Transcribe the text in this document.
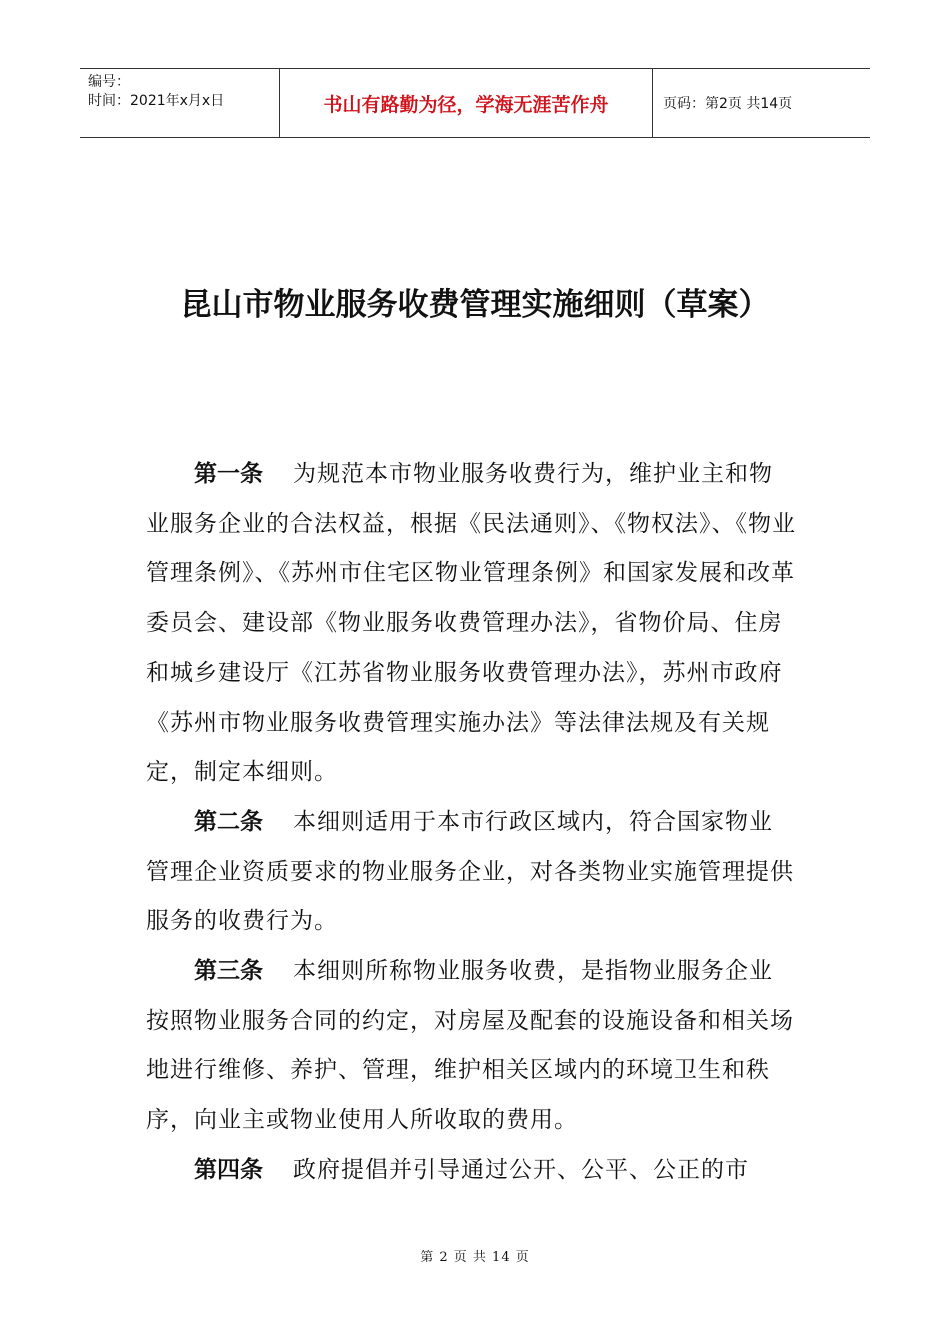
编号：
时间：2021年x月x日	书山有路勤为径，学海无涯苦作舟	页码：第2页 共14页
昆山市物业服务收费管理实施细则（草案）

第一条 为规范本市物业服务收费行为，维护业主和物业服务企业的合法权益，根据《民法通则》、《物权法》、《物业管理条例》、《苏州市住宅区物业管理条例》和国家发展和改革委员会、建设部《物业服务收费管理办法》，省物价局、住房和城乡建设厅《江苏省物业服务收费管理办法》，苏州市政府《苏州市物业服务收费管理实施办法》等法律法规及有关规定，制定本细则。

第二条 本细则适用于本市行政区域内，符合国家物业管理企业资质要求的物业服务企业，对各类物业实施管理提供服务的收费行为。

第三条 本细则所称物业服务收费，是指物业服务企业按照物业服务合同的约定，对房屋及配套的设施设备和相关场地进行维修、养护、管理，维护相关区域内的环境卫生和秩序，向业主或物业使用人所收取的费用。

第四条 政府提倡并引导通过公开、公平、公正的市

第 2 页 共 14 页
